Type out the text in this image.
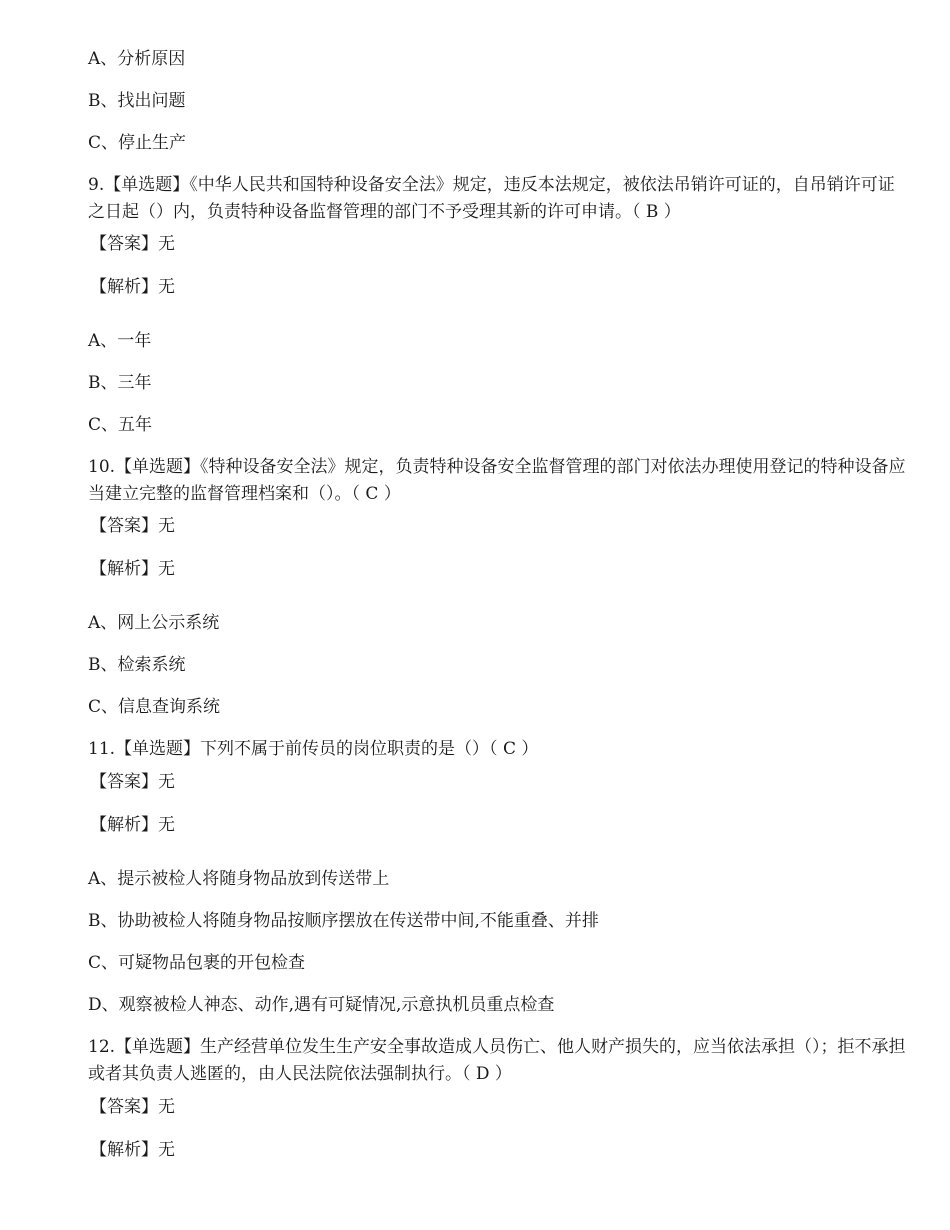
A、分析原因
B、找出问题
C、停止生产
9.【单选题】《中华人民共和国特种设备安全法》规定，违反本法规定，被依法吊销许可证的，自吊销许可证之日起（）内，负责特种设备监督管理的部门不予受理其新的许可申请。（ B ）
【答案】无
【解析】无
A、一年
B、三年
C、五年
10.【单选题】《特种设备安全法》规定，负责特种设备安全监督管理的部门对依法办理使用登记的特种设备应当建立完整的监督管理档案和（）。（ C ）
【答案】无
【解析】无
A、网上公示系统
B、检索系统
C、信息查询系统
11.【单选题】下列不属于前传员的岗位职责的是（）（ C ）
【答案】无
【解析】无
A、提示被检人将随身物品放到传送带上
B、协助被检人将随身物品按顺序摆放在传送带中间,不能重叠、并排
C、可疑物品包裹的开包检查
D、观察被检人神态、动作,遇有可疑情况,示意执机员重点检查
12.【单选题】生产经营单位发生生产安全事故造成人员伤亡、他人财产损失的，应当依法承担（）；拒不承担或者其负责人逃匿的，由人民法院依法强制执行。（ D ）
【答案】无
【解析】无
